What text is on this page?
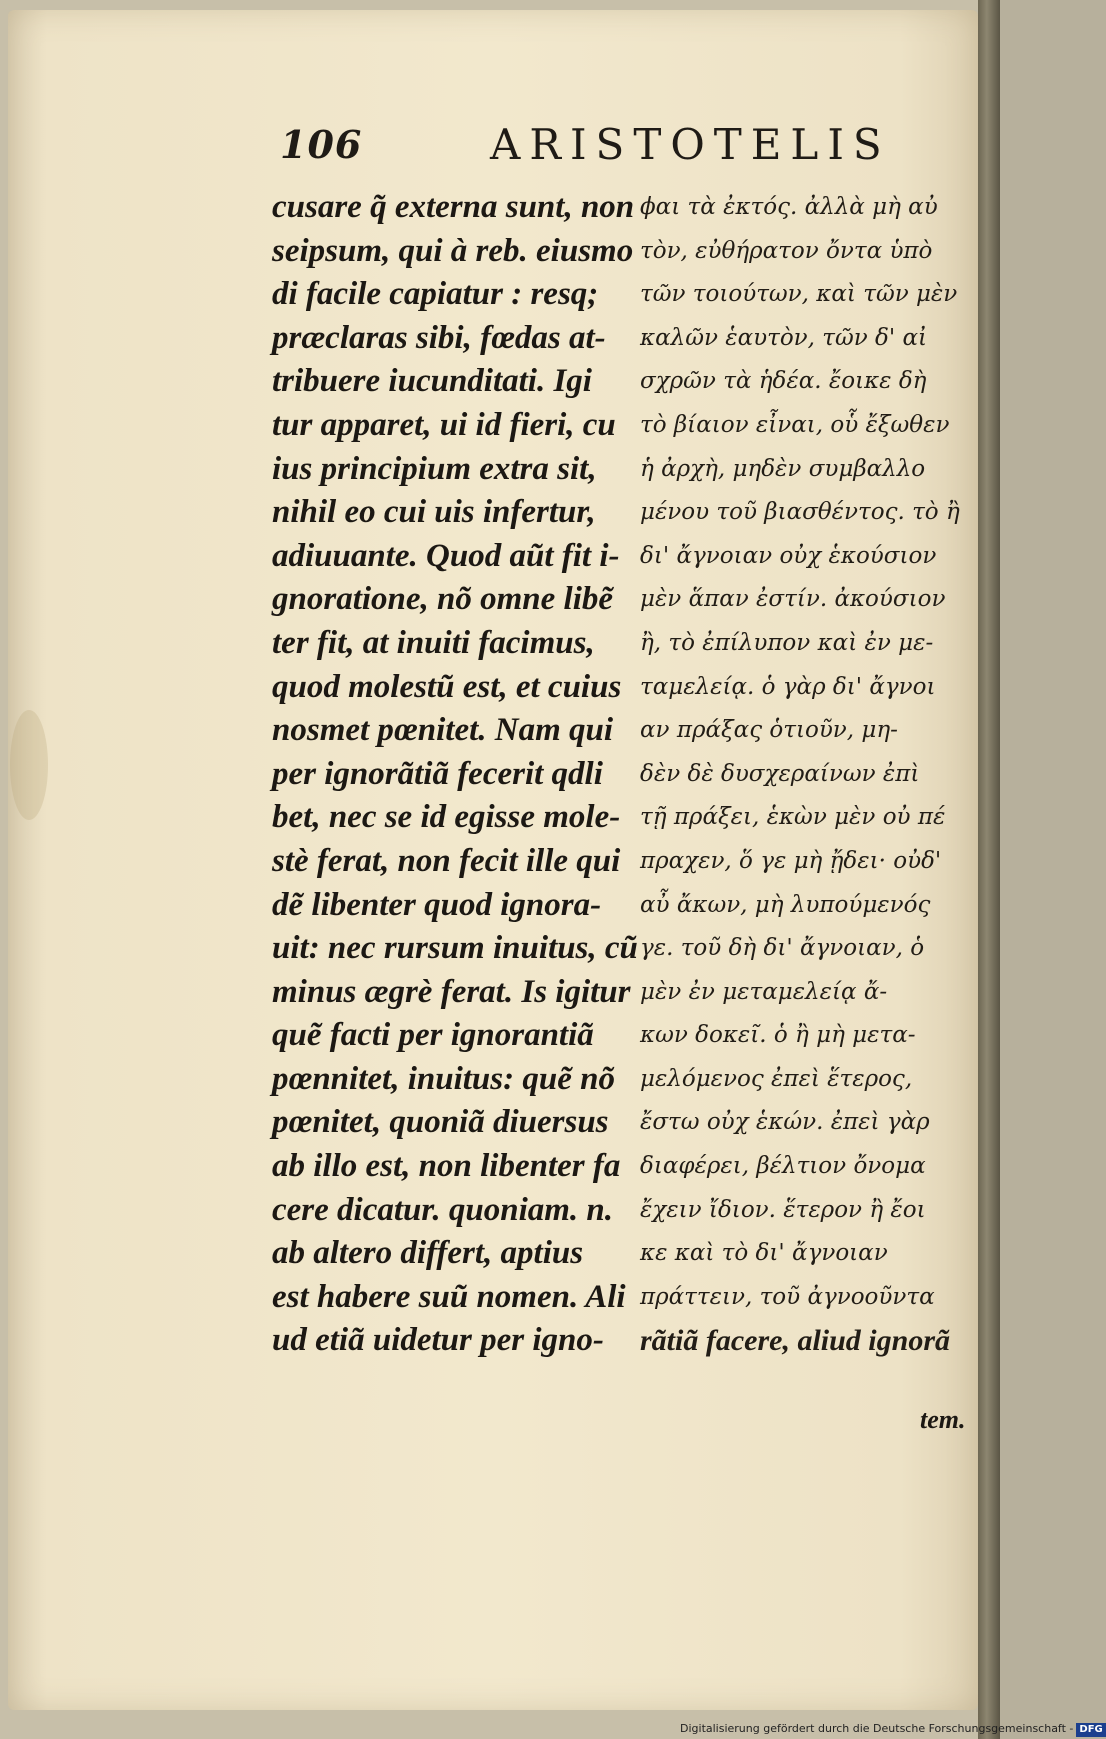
106	ARISTOTELIS
cusare q̃ externa sunt, non
seipsum, qui à reb. eiusmo
di facile capiatur : resq;
præclaras sibi, fœdas at-
tribuere iucunditati. Igi
tur apparet, ui id fieri, cu
ius principium extra sit,
nihil eo cui uis infertur,
adiuuante. Quod aũt fit i-
gnoratione, nõ omne libẽ
ter fit, at inuiti facimus,
quod molestũ est, et cuius
nosmet pœnitet. Nam qui
per ignorãtiã fecerit qdli
bet, nec se id egisse mole-
stè ferat, non fecit ille qui
dẽ libenter quod ignora-
uit: nec rursum inuitus, cũ
minus ægrè ferat. Is igitur
quẽ facti per ignorantiã
pœnnitet, inuitus: quẽ nõ
pœnitet, quoniã diuersus
ab illo est, non libenter fa
cere dicatur. quoniam. n.
ab altero differt, aptius
est habere suũ nomen. Ali
ud etiã uidetur per igno-
ϕαι τὰ ἐκτός. ἀλλὰ μὴ αὐ
τὸν, εὐθήρατον ὄντα ὑπὸ
τῶν τοιούτων, καὶ τῶν μὲν
καλῶν ἑαυτὸν, τῶν δ' αἰ
σχρῶν τὰ ἡδέα. ἔοικε δὴ
τὸ βίαιον εἶναι, οὗ ἔξωθεν
ἡ ἀρχὴ, μηδὲν συμβαλλο
μένου τοῦ βιασθέντος. τὸ ἢ
δι' ἄγνοιαν οὐχ ἑκούσιον
μὲν ἅπαν ἐστίν. ἀκούσιον
ἢ, τὸ ἐπίλυπον καὶ ἐν με-
ταμελείᾳ. ὁ γὰρ δι' ἄγνοι
αν πράξας ὁτιοῦν, μη-
δὲν δὲ δυσχεραίνων ἐπὶ
τῇ πράξει, ἑκὼν μὲν οὐ πέ
πραχεν, ὅ γε μὴ ᾔδει· οὐδ'
αὖ ἄκων, μὴ λυπούμενός
γε. τοῦ δὴ δι' ἄγνοιαν, ὁ
μὲν ἐν μεταμελείᾳ ἄ-
κων δοκεῖ. ὁ ἢ μὴ μετα-
μελόμενος ἐπεὶ ἕτερος,
ἔστω οὐχ ἑκών. ἐπεὶ γὰρ
διαφέρει, βέλτιον ὄνομα
ἔχειν ἴδιον. ἕτερον ἢ ἔοι
κε καὶ τὸ δι' ἄγνοιαν
πράττειν, τοῦ ἀγνοοῦντα
rãtiã facere, aliud ignorã
tem.
Digitalisierung gefördert durch die Deutsche Forschungsgemeinschaft - DFG
